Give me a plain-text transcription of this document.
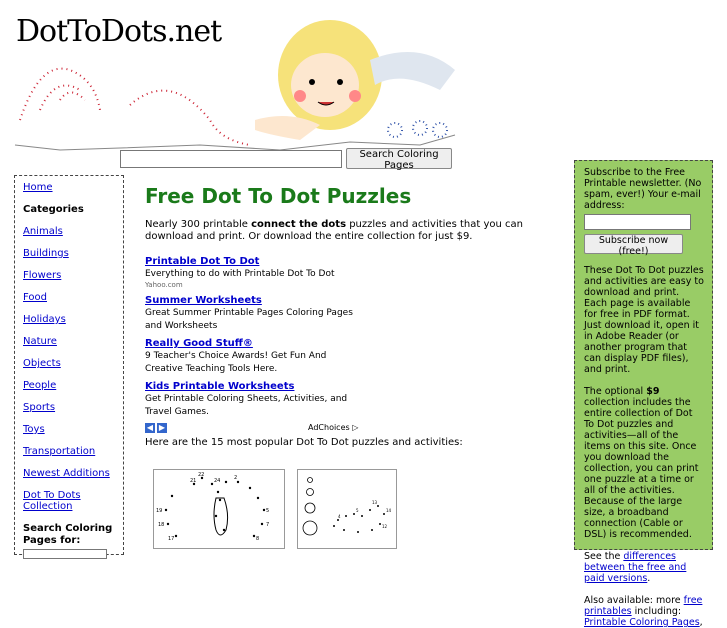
DotToDots.net
Search Coloring Pages
Home
Categories
Animals
Buildings
Flowers
Food
Holidays
Nature
Objects
People
Sports
Toys
Transportation
Newest Additions
Dot To Dots Collection
Search Coloring Pages for:
Free Dot To Dot Puzzles
Nearly 300 printable connect the dots puzzles and activities that you can download and print. Or download the entire collection for just $9.
Printable Dot To Dot
Everything to do with Printable Dot To Dot
Yahoo.com
Summer Worksheets
Great Summer Printable Pages Coloring Pages and Worksheets
Really Good Stuff®
9 Teacher's Choice Awards! Get Fun And Creative Teaching Tools Here.
Kids Printable Worksheets
Get Printable Coloring Sheets, Activities, and Travel Games.
◀ ▶	AdChoices ▷
Here are the 15 most popular Dot To Dot puzzles and activities:
21
22
24	2
19
18
5
7
17	8
13
14
12
4
5
Subscribe to the Free Printable newsletter. (No spam, ever!) Your e-mail address:
Subscribe now (free!)

These Dot To Dot puzzles and activities are easy to download and print. Each page is available for free in PDF format. Just download it, open it in Adobe Reader (or another program that can display PDF files), and print.

The optional $9 collection includes the entire collection of Dot To Dot puzzles and activities—all of the items on this site. Once you download the collection, you can print one puzzle at a time or all of the activities. Because of the large size, a broadband connection (Cable or DSL) is recommended.

See the differences between the free and paid versions.

Also available: more free printables including: Printable Coloring Pages,
